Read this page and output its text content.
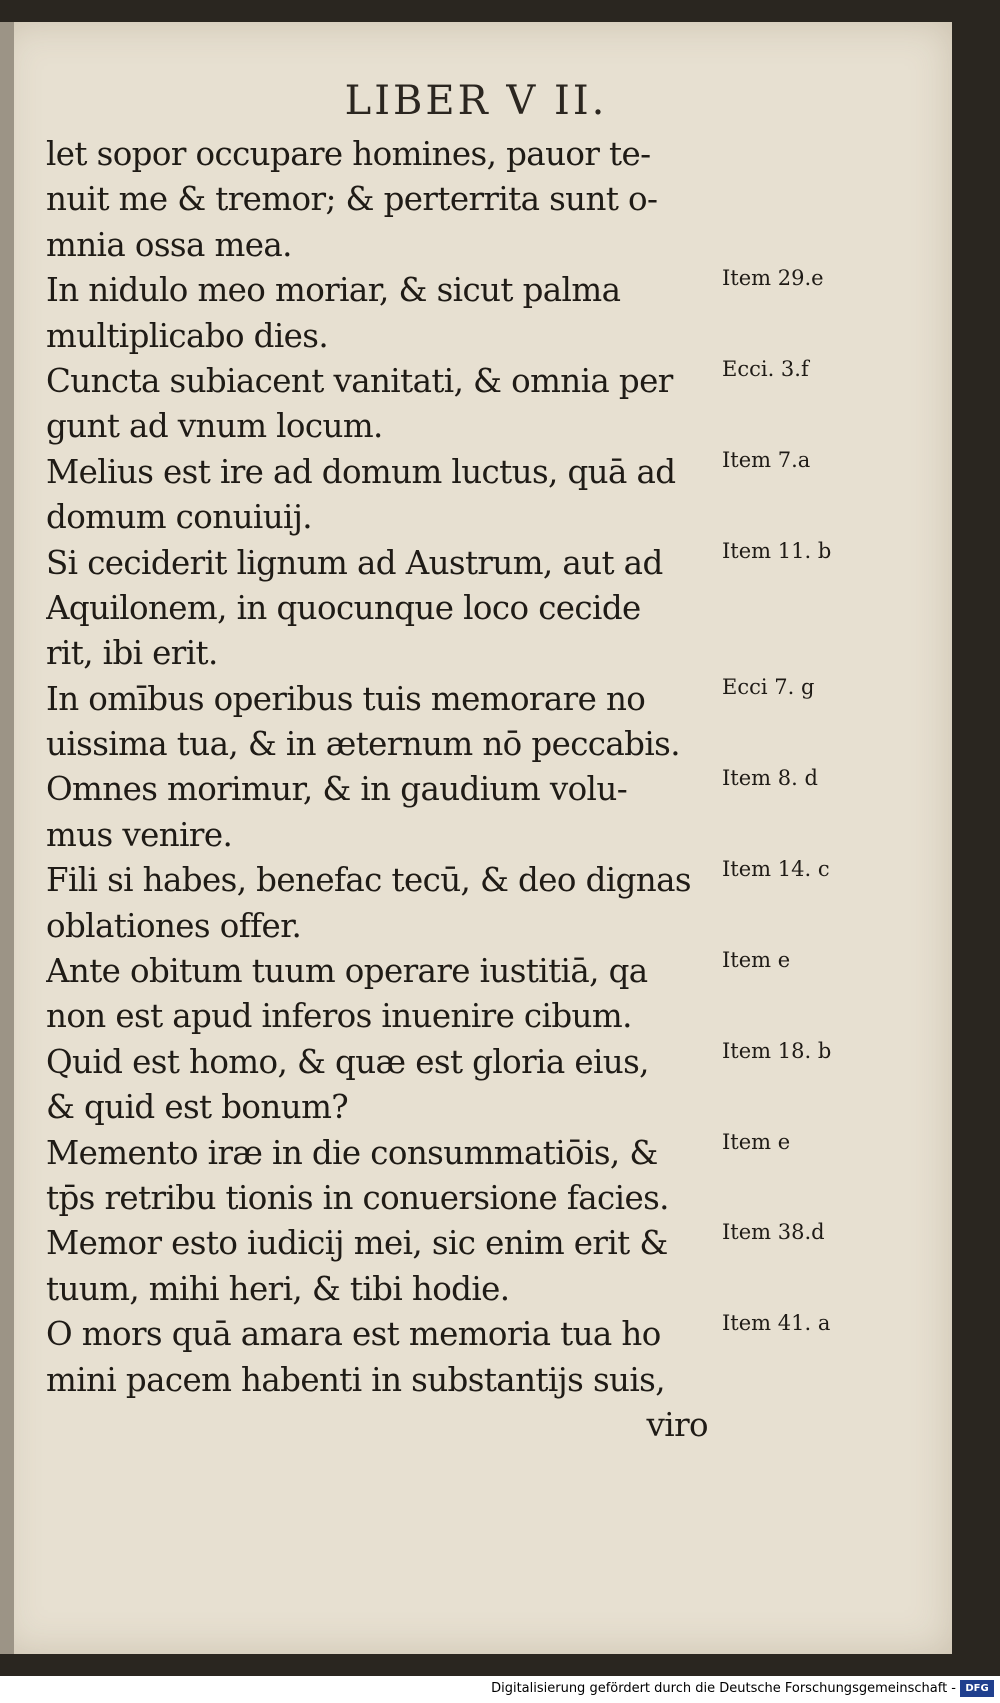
LIBER V II.
let sopor occupare homines, pauor te-
nuit me & tremor; & perterrita sunt o-
mnia ossa mea.
In nidulo meo moriar, & sicut palma
multiplicabo dies.
Cuncta subiacent vanitati, & omnia per
gunt ad vnum locum.
Melius est ire ad domum luctus, quā ad
domum conuiuij.
Si ceciderit lignum ad Austrum, aut ad
Aquilonem, in quocunque loco cecide
rit, ibi erit.
In omībus operibus tuis memorare no
uissima tua, & in æternum nō peccabis.
Omnes morimur, & in gaudium volu-
mus venire.
Fili si habes, benefac tecū, & deo dignas
oblationes offer.
Ante obitum tuum operare iustitiā, qa
non est apud inferos inuenire cibum.
Quid est homo, & quæ est gloria eius,
& quid est bonum?
Memento iræ in die consummatiōis, &
tp̄s retribu tionis in conuersione facies.
Memor esto iudicij mei, sic enim erit &
tuum, mihi heri, & tibi hodie.
O mors quā amara est memoria tua ho
mini pacem habenti in substantijs suis,
viro
Item 29.e
Ecci. 3.f
Item 7.a
Item 11. b
Ecci 7. g
Item 8. d
Item 14. c
Item e
Item 18. b
Item e
Item 38.d
Item 41. a
Digitalisierung gefördert durch die Deutsche Forschungsgemeinschaft - DFG
